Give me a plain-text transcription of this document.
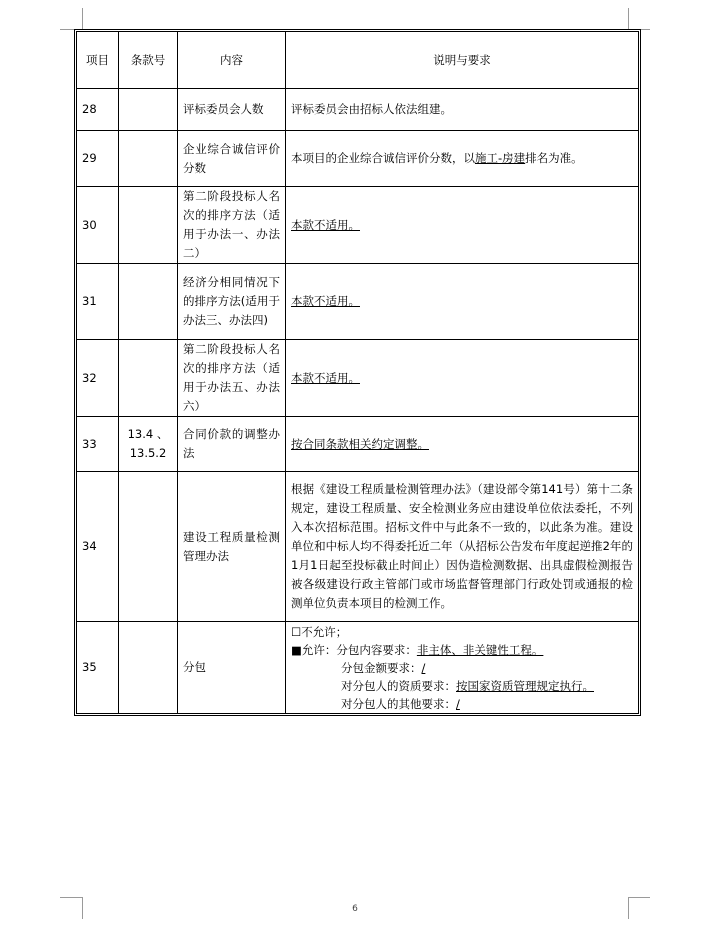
项目	条款号	内容	说明与要求
28		评标委员会人数	评标委员会由招标人依法组建。
29		企业综合诚信评价分数	本项目的企业综合诚信评价分数，以施工-房建排名为准。
30		第二阶段投标人名次的排序方法（适用于办法一、办法二）	本款不适用。
31		经济分相同情况下的排序方法(适用于办法三、办法四)	本款不适用。
32		第二阶段投标人名次的排序方法（适用于办法五、办法六）	本款不适用。
33	13.4 、13.5.2	合同价款的调整办法	按合同条款相关约定调整。
34		建设工程质量检测管理办法	根据《建设工程质量检测管理办法》（建设部令第141号）第十二条规定，建设工程质量、安全检测业务应由建设单位依法委托，不列入本次招标范围。招标文件中与此条不一致的，以此条为准。建设单位和中标人均不得委托近二年（从招标公告发布年度起逆推2年的1月1日起至投标截止时间止）因伪造检测数据、出具虚假检测报告被各级建设行政主管部门或市场监督管理部门行政处罚或通报的检测单位负责本项目的检测工作。
35		分包	☐不允许；
■允许：分包内容要求：非主体、非关键性工程。
分包金额要求：/
对分包人的资质要求：按国家资质管理规定执行。
对分包人的其他要求：/
6
